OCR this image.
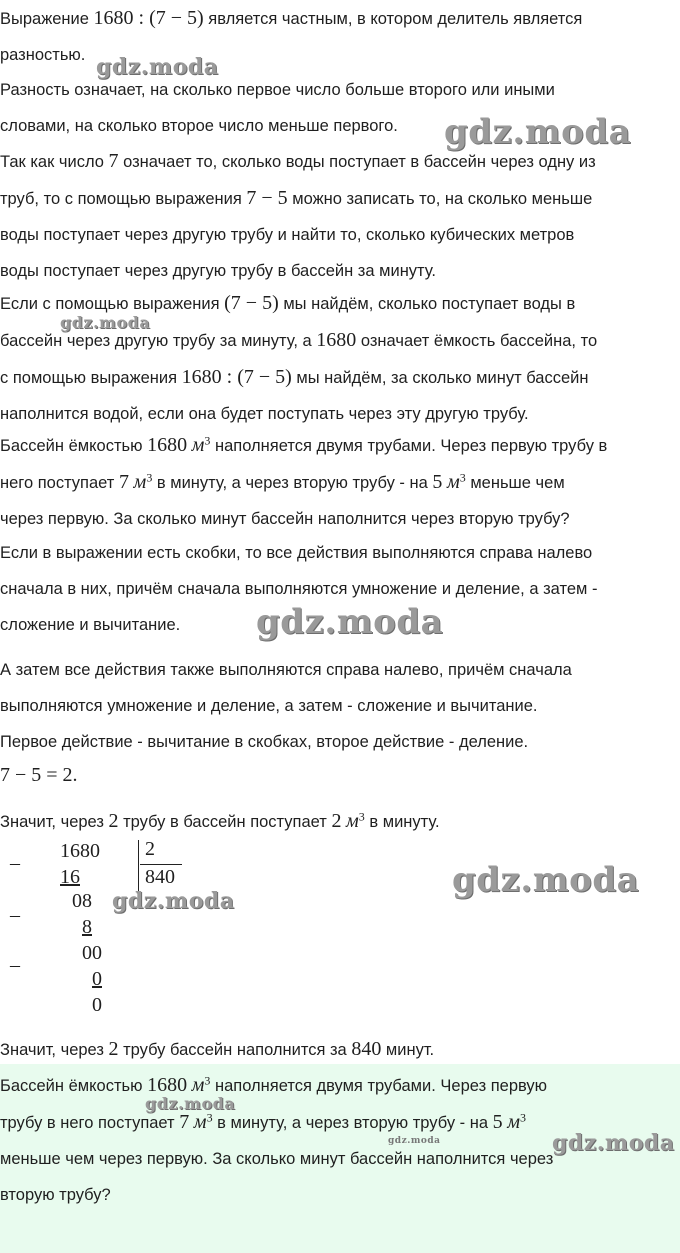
Выражение 1680 : (7 − 5) является частным, в котором делитель является
разностью.
Разность означает, на сколько первое число больше второго или иными
словами, на сколько второе число меньше первого.
Так как число 7 означает то, сколько воды поступает в бассейн через одну из
труб, то с помощью выражения 7 − 5 можно записать то, на сколько меньше
воды поступает через другую трубу и найти то, сколько кубических метров
воды поступает через другую трубу в бассейн за минуту.
Если с помощью выражения (7 − 5) мы найдём, сколько поступает воды в
бассейн через другую трубу за минуту, а 1680 означает ёмкость бассейна, то
с помощью выражения 1680 : (7 − 5) мы найдём, за сколько минут бассейн
наполнится водой, если она будет поступать через эту другую трубу.
Бассейн ёмкостью 1680 $м^3$ наполняется двумя трубами. Через первую трубу в
него поступает 7 $м^3$ в минуту, а через вторую трубу - на 5 $м^3$ меньше чем
через первую. За сколько минут бассейн наполнится через вторую трубу?
Если в выражении есть скобки, то все действия выполняются справа налево
сначала в них, причём сначала выполняются умножение и деление, а затем -
сложение и вычитание.
А затем все действия также выполняются справа налево, причём сначала
выполняются умножение и деление, а затем - сложение и вычитание.
Первое действие - вычитание в скобках, второе действие - деление.
7 − 5 = 2.
Значит, через 2 трубу в бассейн поступает 2 $м^3$ в минуту.
–
–
–
1680 2
840
16
08
8
00
0
0
Значит, через 2 трубу бассейн наполнится за 840 минут.
Бассейн ёмкостью 1680 $м^3$ наполняется двумя трубами. Через первую
трубу в него поступает 7 $м^3$ в минуту, а через вторую трубу - на 5 $м^3$
меньше чем через первую. За сколько минут бассейн наполнится через
вторую трубу?
gdz.moda
gdz.moda
gdz.moda
gdz.moda
gdz.moda
gdz.moda
gdz.moda
gdz.moda	gdz.moda
